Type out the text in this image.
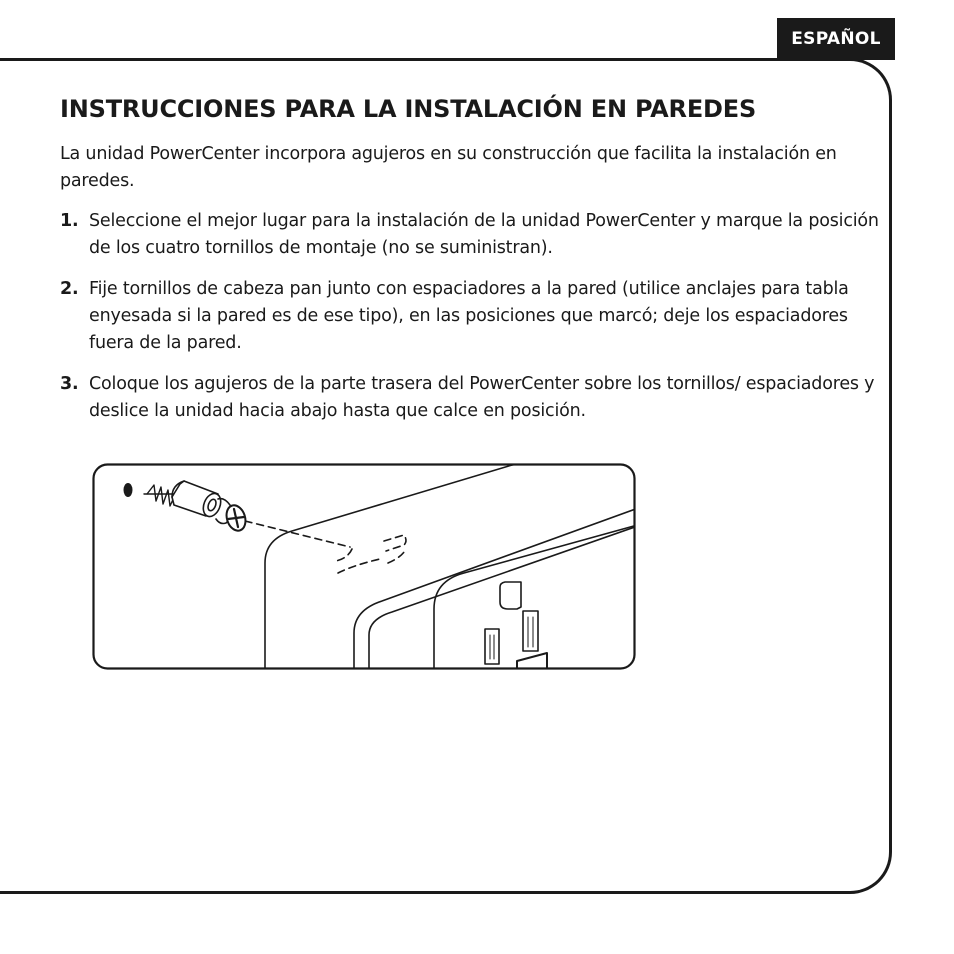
ESPAÑOL
INSTRUCCIONES PARA LA INSTALACIÓN EN PAREDES

La unidad PowerCenter incorpora agujeros en su construcción que facilita la instalación en paredes.

1. Seleccione el mejor lugar para la instalación de la unidad PowerCenter y marque la posición de los cuatro tornillos de montaje (no se suministran).
2. Fije tornillos de cabeza pan junto con espaciadores a la pared (utilice anclajes para tabla enyesada si la pared es de ese tipo), en las posiciones que marcó; deje los espaciadores fuera de la pared.
3. Coloque los agujeros de la parte trasera del PowerCenter sobre los tornillos/ espaciadores y deslice la unidad hacia abajo hasta que calce en posición.
